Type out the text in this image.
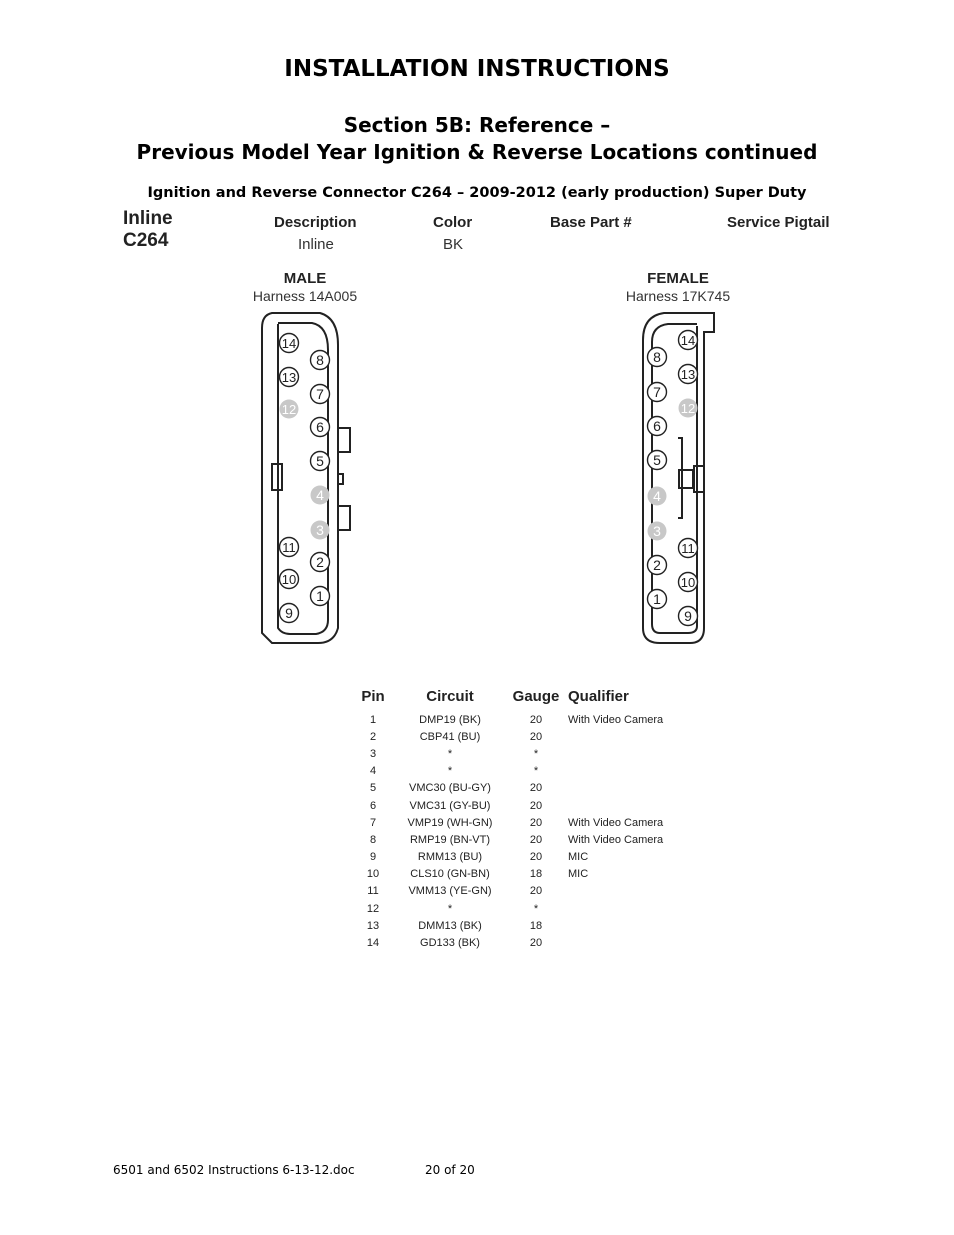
INSTALLATION INSTRUCTIONS
Section 5B: Reference –
Previous Model Year Ignition & Reverse Locations continued
Ignition and Reverse Connector C264 – 2009-2012 (early production) Super Duty
Inline
C264
Description	Color	Base Part #	Service Pigtail
Inline	BK
MALE
Harness 14A005
FEMALE
Harness 17K745
14
13
12
11
10
9
8
7
6
5
4
3
2
1
8
7
6
5
4
3
2
1
14
13
12
11
10
9
Pin	Circuit	Gauge	Qualifier
1	DMP19 (BK)	20	With Video Camera
2	CBP41 (BU)	20	
3	*	*	
4	*	*	
5	VMC30 (BU-GY)	20	
6	VMC31 (GY-BU)	20	
7	VMP19 (WH-GN)	20	With Video Camera
8	RMP19 (BN-VT)	20	With Video Camera
9	RMM13 (BU)	20	MIC
10	CLS10 (GN-BN)	18	MIC
11	VMM13 (YE-GN)	20	
12	*	*	
13	DMM13 (BK)	18	
14	GD133 (BK)	20	
6501 and 6502 Instructions 6-13-12.doc	20 of 20
